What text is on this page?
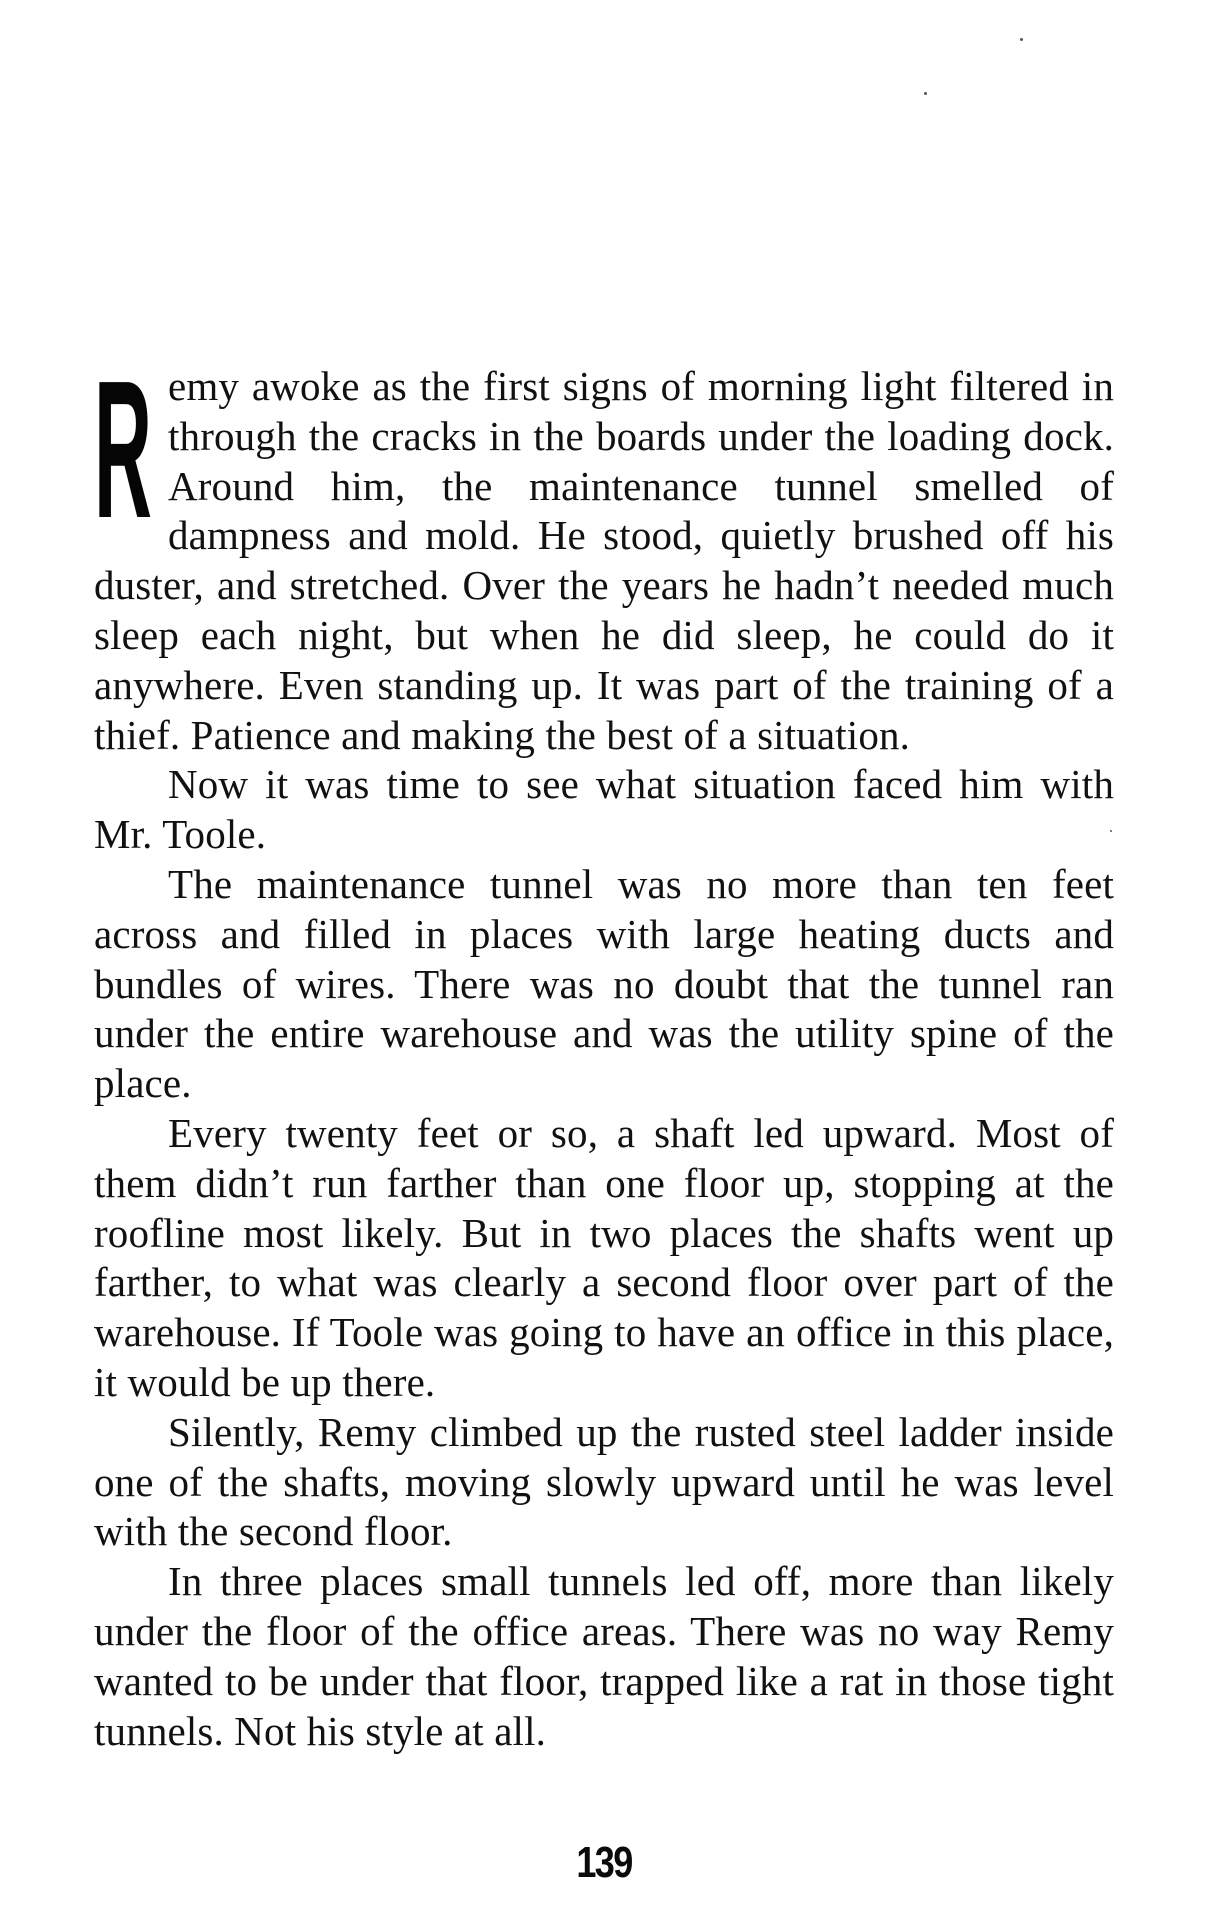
R emy awoke as the first signs of morning light filtered in through the cracks in the boards under the loading dock. Around him, the maintenance tunnel smelled of dampness and mold. He stood, quietly brushed off his duster, and stretched. Over the years he hadn’t needed much sleep each night, but when he did sleep, he could do it anywhere. Even standing up. It was part of the training of a thief. Patience and making the best of a situation.

Now it was time to see what situation faced him with Mr. Toole.

The maintenance tunnel was no more than ten feet across and filled in places with large heating ducts and bundles of wires. There was no doubt that the tunnel ran under the entire warehouse and was the utility spine of the place.

Every twenty feet or so, a shaft led upward. Most of them didn’t run farther than one floor up, stopping at the roofline most likely. But in two places the shafts went up farther, to what was clearly a second floor over part of the warehouse. If Toole was going to have an office in this place, it would be up there.

Silently, Remy climbed up the rusted steel ladder inside one of the shafts, moving slowly upward until he was level with the second floor.

In three places small tunnels led off, more than likely under the floor of the office areas. There was no way Remy wanted to be under that floor, trapped like a rat in those tight tunnels. Not his style at all.

139
